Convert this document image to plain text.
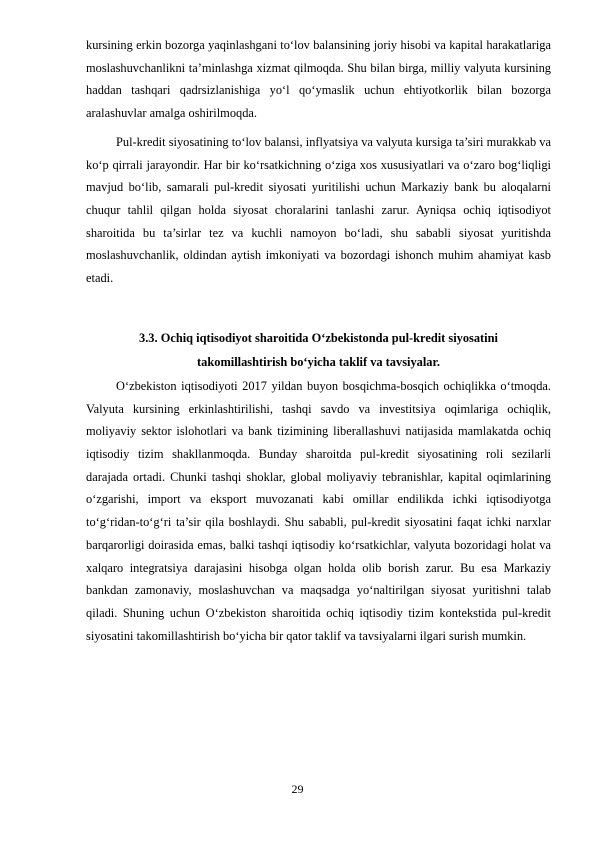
kursining erkin bozorga yaqinlashgani to‘lov balansining joriy hisobi va kapital harakatlariga moslashuvchanlikni ta’minlashga xizmat qilmoqda. Shu bilan birga, milliy valyuta kursining haddan tashqari qadrsizlanishiga yo‘l qo‘ymaslik uchun ehtiyotkorlik bilan bozorga aralashuvlar amalga oshirilmoqda.

Pul-kredit siyosatining to‘lov balansi, inflyatsiya va valyuta kursiga ta’siri murakkab va ko‘p qirrali jarayondir. Har bir ko‘rsatkichning o‘ziga xos xususiyatlari va o‘zaro bog‘liqligi mavjud bo‘lib, samarali pul-kredit siyosati yuritilishi uchun Markaziy bank bu aloqalarni chuqur tahlil qilgan holda siyosat choralarini tanlashi zarur. Ayniqsa ochiq iqtisodiyot sharoitida bu ta’sirlar tez va kuchli namoyon bo‘ladi, shu sababli siyosat yuritishda moslashuvchanlik, oldindan aytish imkoniyati va bozordagi ishonch muhim ahamiyat kasb etadi.

3.3. Ochiq iqtisodiyot sharoitida O‘zbekistonda pul-kredit siyosatini takomillashtirish bo‘yicha taklif va tavsiyalar.

O‘zbekiston iqtisodiyoti 2017 yildan buyon bosqichma-bosqich ochiqlikka o‘tmoqda. Valyuta kursining erkinlashtirilishi, tashqi savdo va investitsiya oqimlariga ochiqlik, moliyaviy sektor islohotlari va bank tizimining liberallashuvi natijasida mamlakatda ochiq iqtisodiy tizim shakllanmoqda. Bunday sharoitda pul-kredit siyosatining roli sezilarli darajada ortadi. Chunki tashqi shoklar, global moliyaviy tebranishlar, kapital oqimlarining o‘zgarishi, import va eksport muvozanati kabi omillar endilikda ichki iqtisodiyotga to‘g‘ridan-to‘g‘ri ta’sir qila boshlaydi. Shu sababli, pul-kredit siyosatini faqat ichki narxlar barqarorligi doirasida emas, balki tashqi iqtisodiy ko‘rsatkichlar, valyuta bozoridagi holat va xalqaro integratsiya darajasini hisobga olgan holda olib borish zarur. Bu esa Markaziy bankdan zamonaviy, moslashuvchan va maqsadga yo‘naltirilgan siyosat yuritishni talab qiladi. Shuning uchun O‘zbekiston sharoitida ochiq iqtisodiy tizim kontekstida pul-kredit siyosatini takomillashtirish bo‘yicha bir qator taklif va tavsiyalarni ilgari surish mumkin.

29
